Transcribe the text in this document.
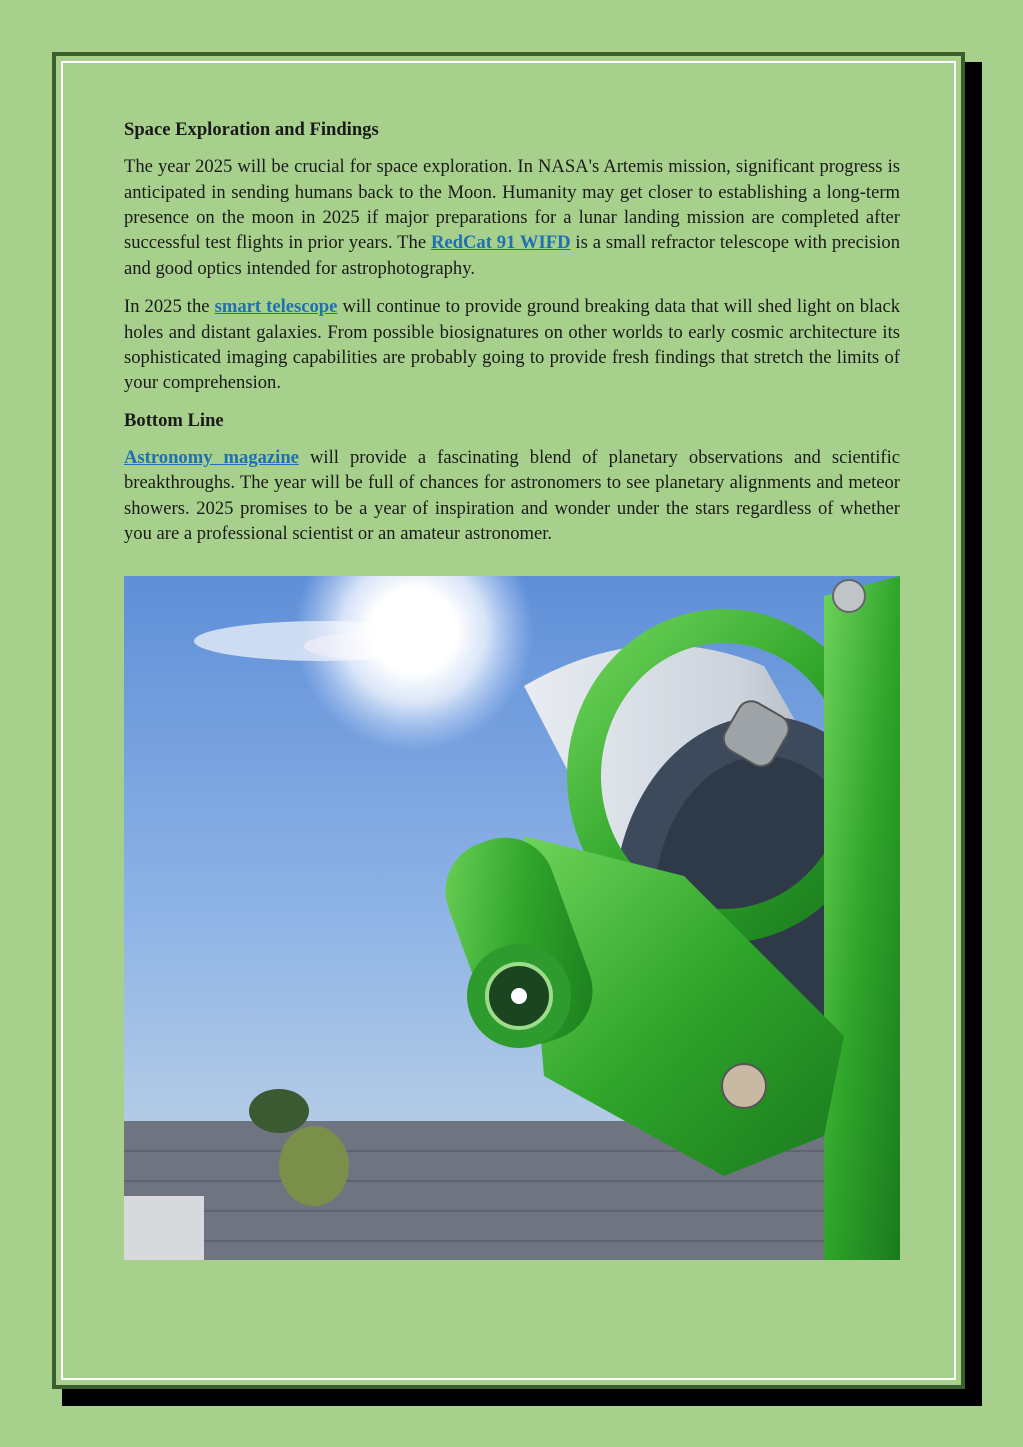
Space Exploration and Findings

The year 2025 will be crucial for space exploration. In NASA's Artemis mission, significant progress is anticipated in sending humans back to the Moon. Humanity may get closer to establishing a long-term presence on the moon in 2025 if major preparations for a lunar landing mission are completed after successful test flights in prior years. The RedCat 91 WIFD is a small refractor telescope with precision and good optics intended for astrophotography.

In 2025 the smart telescope will continue to provide ground breaking data that will shed light on black holes and distant galaxies. From possible biosignatures on other worlds to early cosmic architecture its sophisticated imaging capabilities are probably going to provide fresh findings that stretch the limits of your comprehension.

Bottom Line

Astronomy magazine will provide a fascinating blend of planetary observations and scientific breakthroughs. The year will be full of chances for astronomers to see planetary alignments and meteor showers. 2025 promises to be a year of inspiration and wonder under the stars regardless of whether you are a professional scientist or an amateur astronomer.
